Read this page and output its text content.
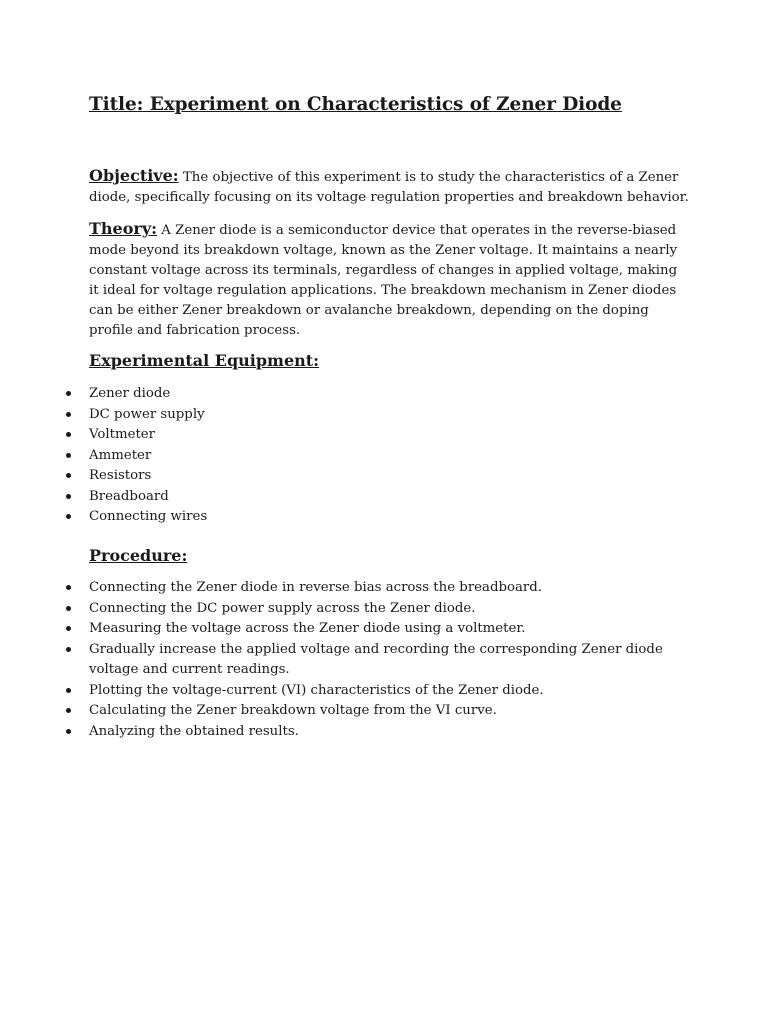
Title: Experiment on Characteristics of Zener Diode

Objective: The objective of this experiment is to study the characteristics of a Zener diode, specifically focusing on its voltage regulation properties and breakdown behavior.

Theory: A Zener diode is a semiconductor device that operates in the reverse-biased mode beyond its breakdown voltage, known as the Zener voltage. It maintains a nearly constant voltage across its terminals, regardless of changes in applied voltage, making it ideal for voltage regulation applications. The breakdown mechanism in Zener diodes can be either Zener breakdown or avalanche breakdown, depending on the doping profile and fabrication process.

Experimental Equipment:
Zener diode
DC power supply
Voltmeter
Ammeter
Resistors
Breadboard
Connecting wires
Procedure:
Connecting the Zener diode in reverse bias across the breadboard.
Connecting the DC power supply across the Zener diode.
Measuring the voltage across the Zener diode using a voltmeter.
Gradually increase the applied voltage and recording the corresponding Zener diode voltage and current readings.
Plotting the voltage-current (VI) characteristics of the Zener diode.
Calculating the Zener breakdown voltage from the VI curve.
Analyzing the obtained results.
